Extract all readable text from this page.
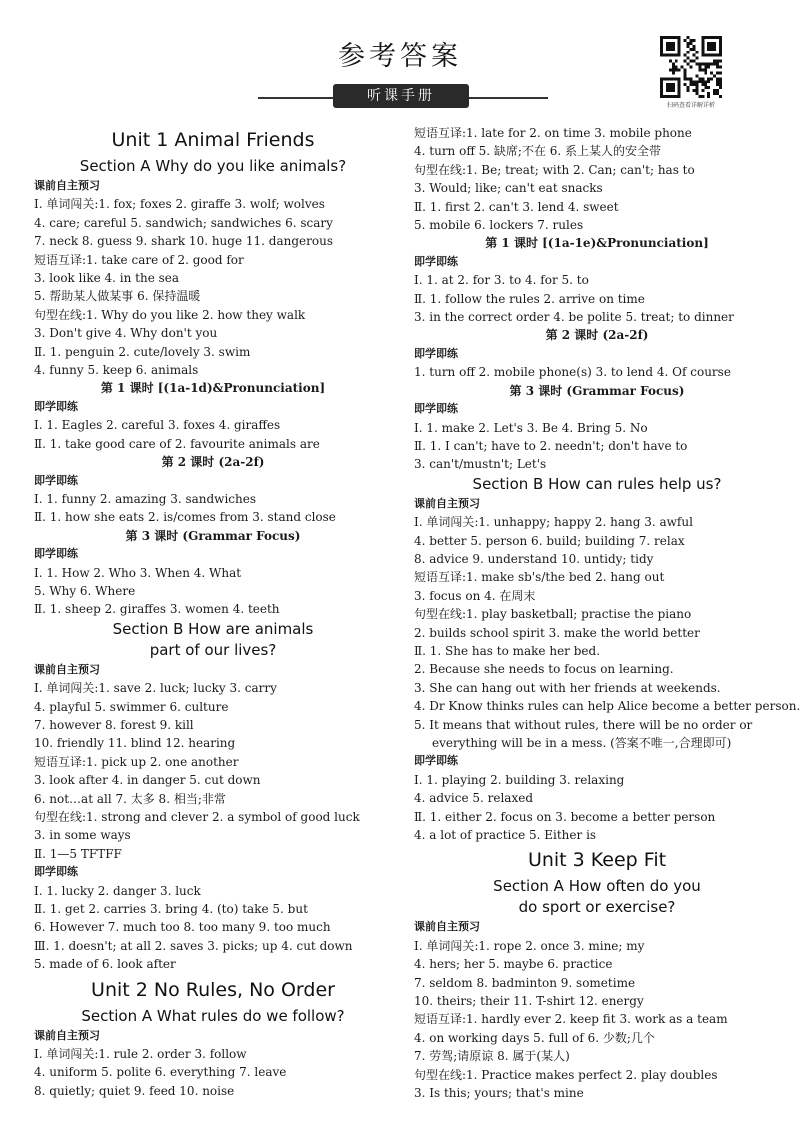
参考答案
听课手册
扫码查看详解详析
Unit 1 Animal Friends
Section A Why do you like animals?
课前自主预习
Ⅰ. 单词闯关:1. fox; foxes 2. giraffe 3. wolf; wolves
4. care; careful 5. sandwich; sandwiches 6. scary
7. neck 8. guess 9. shark 10. huge 11. dangerous
短语互译:1. take care of 2. good for
3. look like 4. in the sea
5. 帮助某人做某事 6. 保持温暖
句型在线:1. Why do you like 2. how they walk
3. Don't give 4. Why don't you
Ⅱ. 1. penguin 2. cute/lovely 3. swim
4. funny 5. keep 6. animals
第 1 课时 [(1a-1d)&Pronunciation]
即学即练
Ⅰ. 1. Eagles 2. careful 3. foxes 4. giraffes
Ⅱ. 1. take good care of 2. favourite animals are
第 2 课时 (2a-2f)
即学即练
Ⅰ. 1. funny 2. amazing 3. sandwiches
Ⅱ. 1. how she eats 2. is/comes from 3. stand close
第 3 课时 (Grammar Focus)
即学即练
Ⅰ. 1. How 2. Who 3. When 4. What
5. Why 6. Where
Ⅱ. 1. sheep 2. giraffes 3. women 4. teeth
Section B How are animals
part of our lives?
课前自主预习
Ⅰ. 单词闯关:1. save 2. luck; lucky 3. carry
4. playful 5. swimmer 6. culture
7. however 8. forest 9. kill
10. friendly 11. blind 12. hearing
短语互译:1. pick up 2. one another
3. look after 4. in danger 5. cut down
6. not…at all 7. 太多 8. 相当;非常
句型在线:1. strong and clever 2. a symbol of good luck
3. in some ways
Ⅱ. 1—5 TFTFF
即学即练
Ⅰ. 1. lucky 2. danger 3. luck
Ⅱ. 1. get 2. carries 3. bring 4. (to) take 5. but
6. However 7. much too 8. too many 9. too much
Ⅲ. 1. doesn't; at all 2. saves 3. picks; up 4. cut down
5. made of 6. look after
Unit 2 No Rules, No Order
Section A What rules do we follow?
课前自主预习
Ⅰ. 单词闯关:1. rule 2. order 3. follow
4. uniform 5. polite 6. everything 7. leave
8. quietly; quiet 9. feed 10. noise
短语互译:1. late for 2. on time 3. mobile phone
4. turn off 5. 缺席;不在 6. 系上某人的安全带
句型在线:1. Be; treat; with 2. Can; can't; has to
3. Would; like; can't eat snacks
Ⅱ. 1. first 2. can't 3. lend 4. sweet
5. mobile 6. lockers 7. rules
第 1 课时 [(1a-1e)&Pronunciation]
即学即练
Ⅰ. 1. at 2. for 3. to 4. for 5. to
Ⅱ. 1. follow the rules 2. arrive on time
3. in the correct order 4. be polite 5. treat; to dinner
第 2 课时 (2a-2f)
即学即练
1. turn off 2. mobile phone(s) 3. to lend 4. Of course
第 3 课时 (Grammar Focus)
即学即练
Ⅰ. 1. make 2. Let's 3. Be 4. Bring 5. No
Ⅱ. 1. I can't; have to 2. needn't; don't have to
3. can't/mustn't; Let's
Section B How can rules help us?
课前自主预习
Ⅰ. 单词闯关:1. unhappy; happy 2. hang 3. awful
4. better 5. person 6. build; building 7. relax
8. advice 9. understand 10. untidy; tidy
短语互译:1. make sb's/the bed 2. hang out
3. focus on 4. 在周末
句型在线:1. play basketball; practise the piano
2. builds school spirit 3. make the world better
Ⅱ. 1. She has to make her bed.
2. Because she needs to focus on learning.
3. She can hang out with her friends at weekends.
4. Dr Know thinks rules can help Alice become a better person.
5. It means that without rules, there will be no order or everything will be in a mess. (答案不唯一,合理即可)
即学即练
Ⅰ. 1. playing 2. building 3. relaxing
4. advice 5. relaxed
Ⅱ. 1. either 2. focus on 3. become a better person
4. a lot of practice 5. Either is
Unit 3 Keep Fit
Section A How often do you
do sport or exercise?
课前自主预习
Ⅰ. 单词闯关:1. rope 2. once 3. mine; my
4. hers; her 5. maybe 6. practice
7. seldom 8. badminton 9. sometime
10. theirs; their 11. T-shirt 12. energy
短语互译:1. hardly ever 2. keep fit 3. work as a team
4. on working days 5. full of 6. 少数;几个
7. 劳驾;请原谅 8. 属于(某人)
句型在线:1. Practice makes perfect 2. play doubles
3. Is this; yours; that's mine
